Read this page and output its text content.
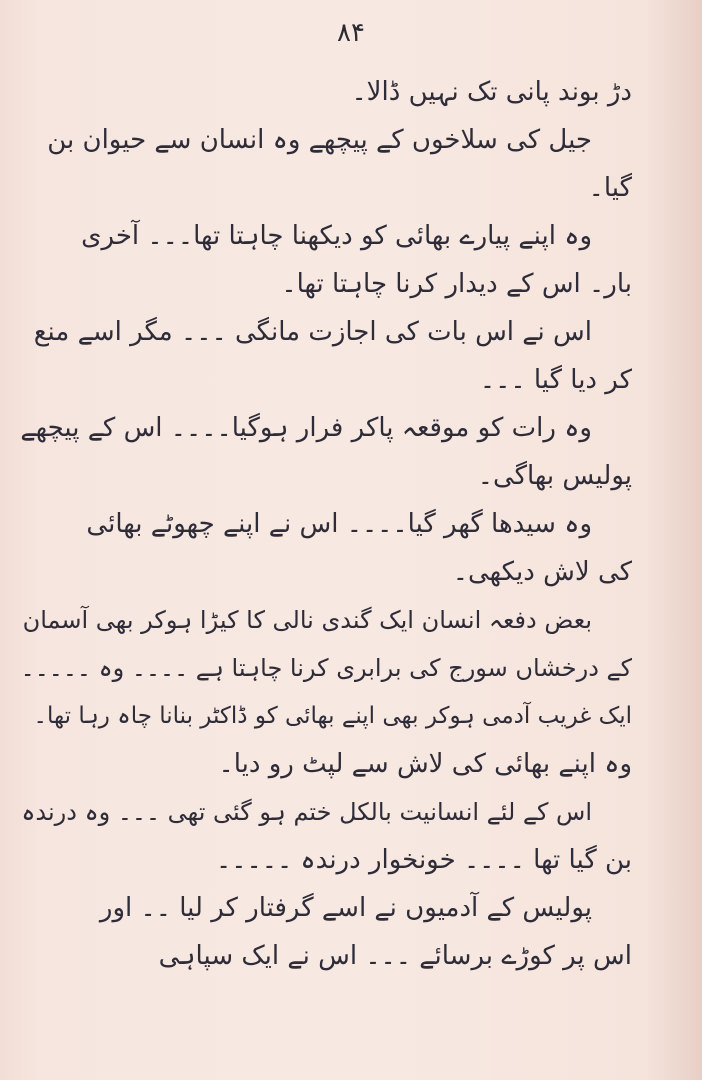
۸۴
دڑ بوند پانی تک نہیں ڈالا۔
جیل کی سلاخوں کے پیچھے وہ انسان سے حیوان بن
گیا۔
وہ اپنے پیارے بھائی کو دیکھنا چاہتا تھا۔۔۔ آخری
بار۔ اس کے دیدار کرنا چاہتا تھا۔
اس نے اس بات کی اجازت مانگی ۔۔۔ مگر اسے منع
کر دیا گیا ۔۔۔
وہ رات کو موقعہ پاکر فرار ہوگیا۔۔۔۔ اس کے پیچھے
پولیس بھاگی۔
وہ سیدھا گھر گیا۔۔۔۔ اس نے اپنے چھوٹے بھائی
کی لاش دیکھی۔
بعض دفعہ انسان ایک گندی نالی کا کیڑا ہوکر بھی آسمان
کے درخشاں سورج کی برابری کرنا چاہتا ہے ۔۔۔۔ وہ ۔۔۔۔۔
ایک غریب آدمی ہوکر بھی اپنے بھائی کو ڈاکٹر بنانا چاہ رہا تھا۔
وہ اپنے بھائی کی لاش سے لپٹ رو دیا۔
اس کے لئے انسانیت بالکل ختم ہو گئی تھی ۔۔۔ وہ درندہ
بن گیا تھا ۔۔۔۔ خونخوار درندہ ۔۔۔۔۔
پولیس کے آدمیوں نے اسے گرفتار کر لیا ۔۔ اور
اس پر کوڑے برسائے ۔۔۔ اس نے ایک سپاہی
